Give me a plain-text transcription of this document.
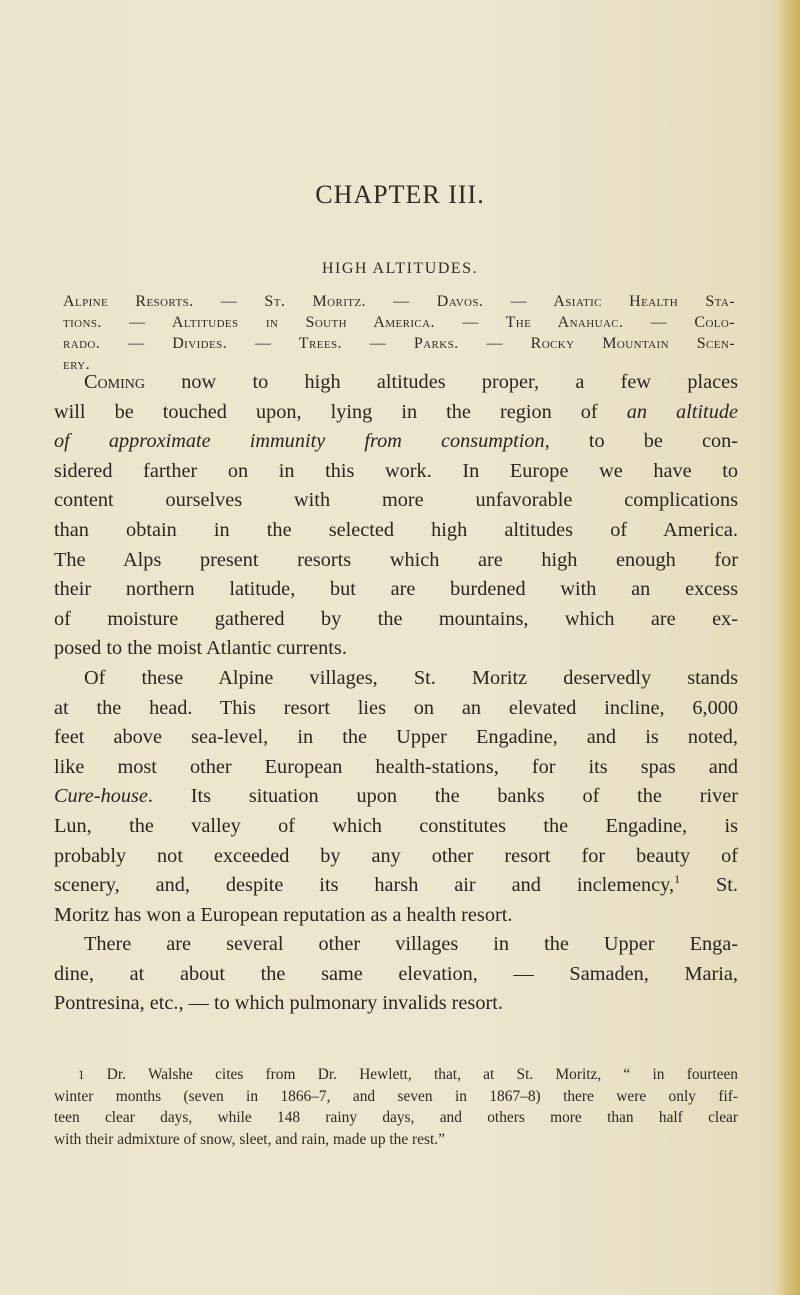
CHAPTER III.
HIGH ALTITUDES.
Alpine Resorts. — St. Moritz. — Davos. — Asiatic Health Sta-
tions. — Altitudes in South America. — The Anahuac. — Colo-
rado. — Divides. — Trees. — Parks. — Rocky Mountain Scen-
ery.
Coming now to high altitudes proper, a few places
will be touched upon, lying in the region of an altitude
of approximate immunity from consumption, to be con-
sidered farther on in this work. In Europe we have to
content ourselves with more unfavorable complications
than obtain in the selected high altitudes of America.
The Alps present resorts which are high enough for
their northern latitude, but are burdened with an excess
of moisture gathered by the mountains, which are ex-
posed to the moist Atlantic currents.
Of these Alpine villages, St. Moritz deservedly stands
at the head. This resort lies on an elevated incline, 6,000
feet above sea-level, in the Upper Engadine, and is noted,
like most other European health-stations, for its spas and
Cure-house. Its situation upon the banks of the river
Lun, the valley of which constitutes the Engadine, is
probably not exceeded by any other resort for beauty of
scenery, and, despite its harsh air and inclemency,$^1$ St.
Moritz has won a European reputation as a health resort.
There are several other villages in the Upper Enga-
dine, at about the same elevation, — Samaden, Maria,
Pontresina, etc., — to which pulmonary invalids resort.
1 Dr. Walshe cites from Dr. Hewlett, that, at St. Moritz, “ in fourteen
winter months (seven in 1866–7, and seven in 1867–8) there were only fif-
teen clear days, while 148 rainy days, and others more than half clear
with their admixture of snow, sleet, and rain, made up the rest.”
